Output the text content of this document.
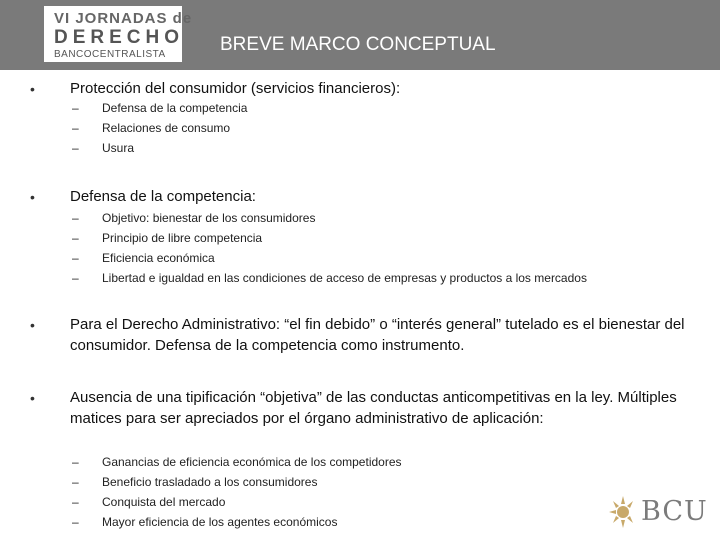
VI JORNADAS de
DERECHO
BANCOCENTRALISTA	BREVE MARCO CONCEPTUAL
• Protección del consumidor (servicios financieros):
– Defensa de la competencia
– Relaciones de consumo
– Usura
• Defensa de la competencia:
– Objetivo: bienestar de los consumidores
– Principio de libre competencia
– Eficiencia económica
– Libertad e igualdad en las condiciones de acceso de empresas y productos a los mercados
• Para el Derecho Administrativo: “el fin debido” o “interés general” tutelado es el bienestar del consumidor. Defensa de la competencia como instrumento.
• Ausencia de una tipificación “objetiva” de las conductas anticompetitivas en la ley. Múltiples matices para ser apreciados por el órgano administrativo de aplicación:
– Ganancias de eficiencia económica de los competidores
– Beneficio trasladado a los consumidores
– Conquista del mercado
– Mayor eficiencia de los agentes económicos	BCU
